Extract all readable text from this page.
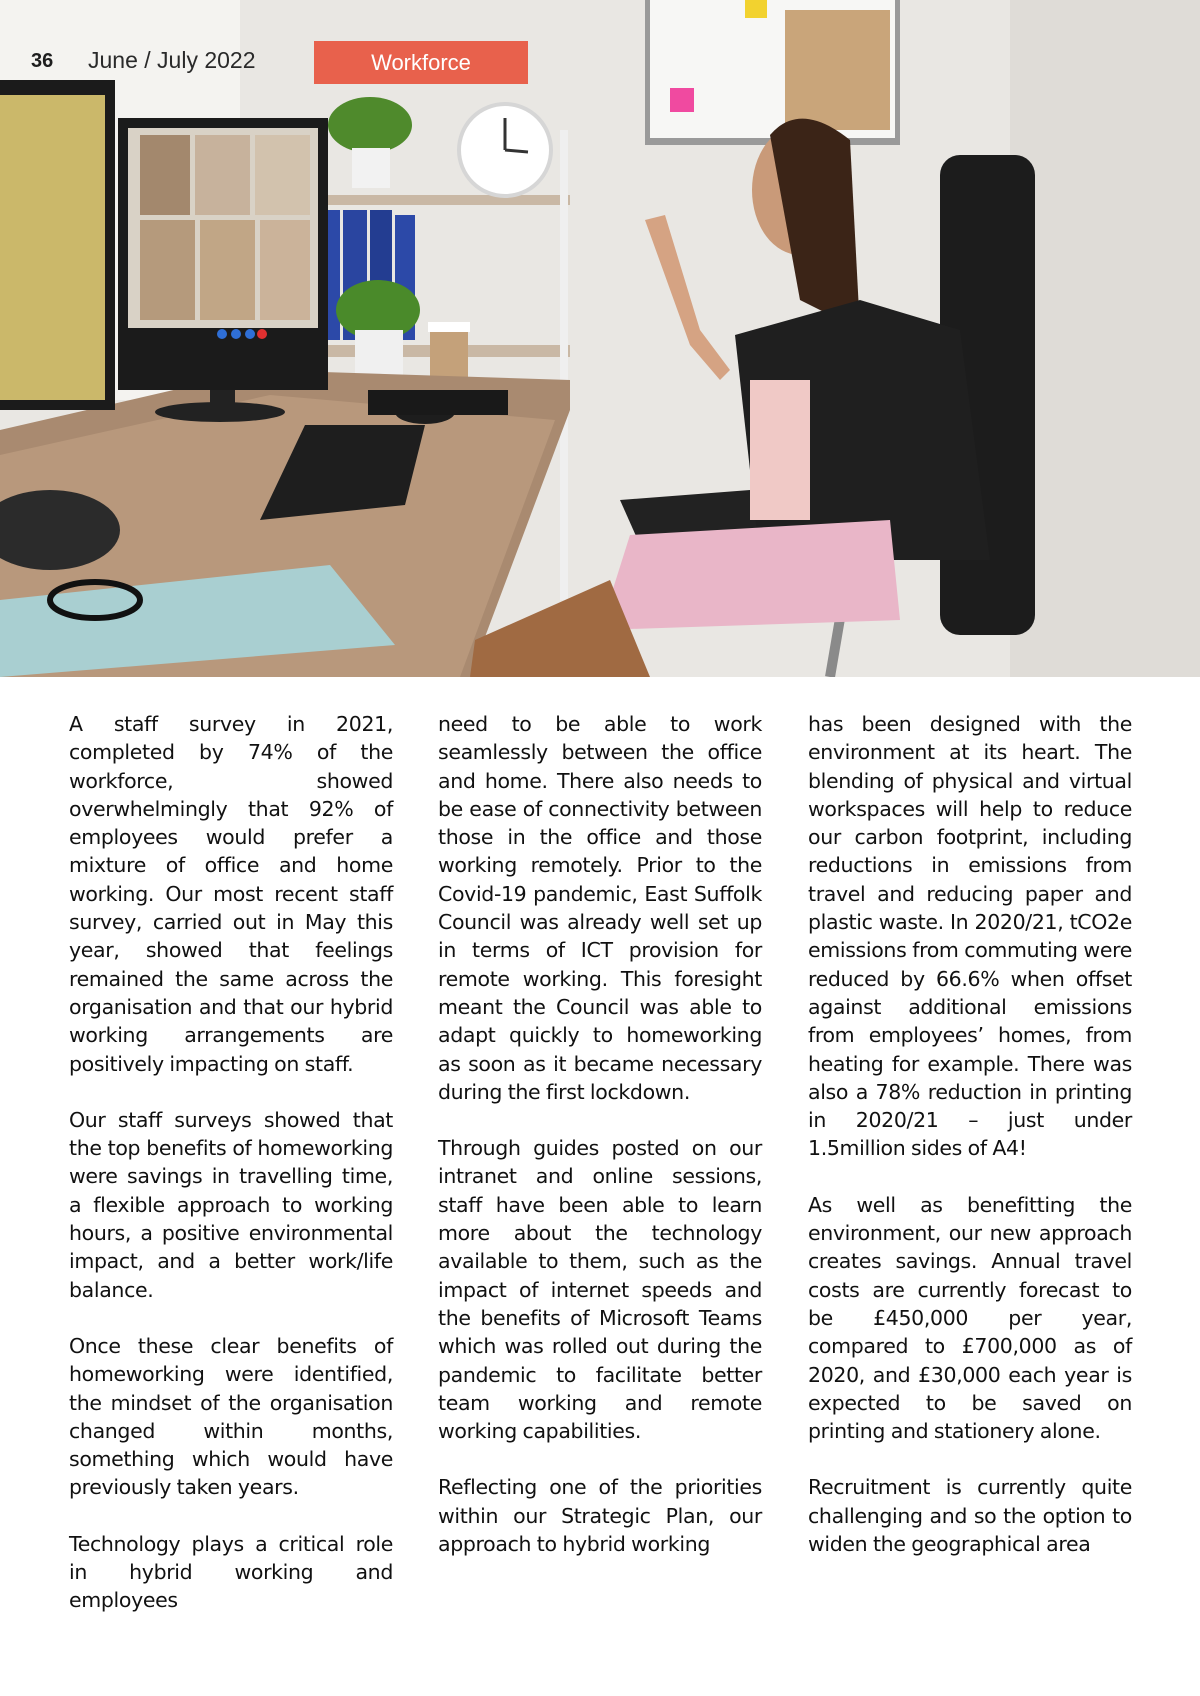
36 June / July 2022	Workforce

A staff survey in 2021, completed by 74% of the workforce, showed overwhelmingly that 92% of employees would prefer a mixture of office and home working. Our most recent staff survey, carried out in May this year, showed that feelings remained the same across the organisation and that our hybrid working arrangements are positively impacting on staff.

Our staff surveys showed that the top benefits of homeworking were savings in travelling time, a flexible approach to working hours, a positive environmental impact, and a better work/life balance.

Once these clear benefits of homeworking were identified, the mindset of the organisation changed within months, something which would have previously taken years.

Technology plays a critical role in hybrid working and employees

need to be able to work seamlessly between the office and home. There also needs to be ease of connectivity between those in the office and those working remotely. Prior to the Covid-19 pandemic, East Suffolk Council was already well set up in terms of ICT provision for remote working. This foresight meant the Council was able to adapt quickly to homeworking as soon as it became necessary during the first lockdown.

Through guides posted on our intranet and online sessions, staff have been able to learn more about the technology available to them, such as the impact of internet speeds and the benefits of Microsoft Teams which was rolled out during the pandemic to facilitate better team working and remote working capabilities.

Reflecting one of the priorities within our Strategic Plan, our approach to hybrid working

has been designed with the environment at its heart. The blending of physical and virtual workspaces will help to reduce our carbon footprint, including reductions in emissions from travel and reducing paper and plastic waste. In 2020/21, tCO2e emissions from commuting were reduced by 66.6% when offset against additional emissions from employees’ homes, from heating for example. There was also a 78% reduction in printing in 2020/21 – just under 1.5million sides of A4!

As well as benefitting the environment, our new approach creates savings. Annual travel costs are currently forecast to be £450,000 per year, compared to £700,000 as of 2020, and £30,000 each year is expected to be saved on printing and stationery alone.

Recruitment is currently quite challenging and so the option to widen the geographical area
